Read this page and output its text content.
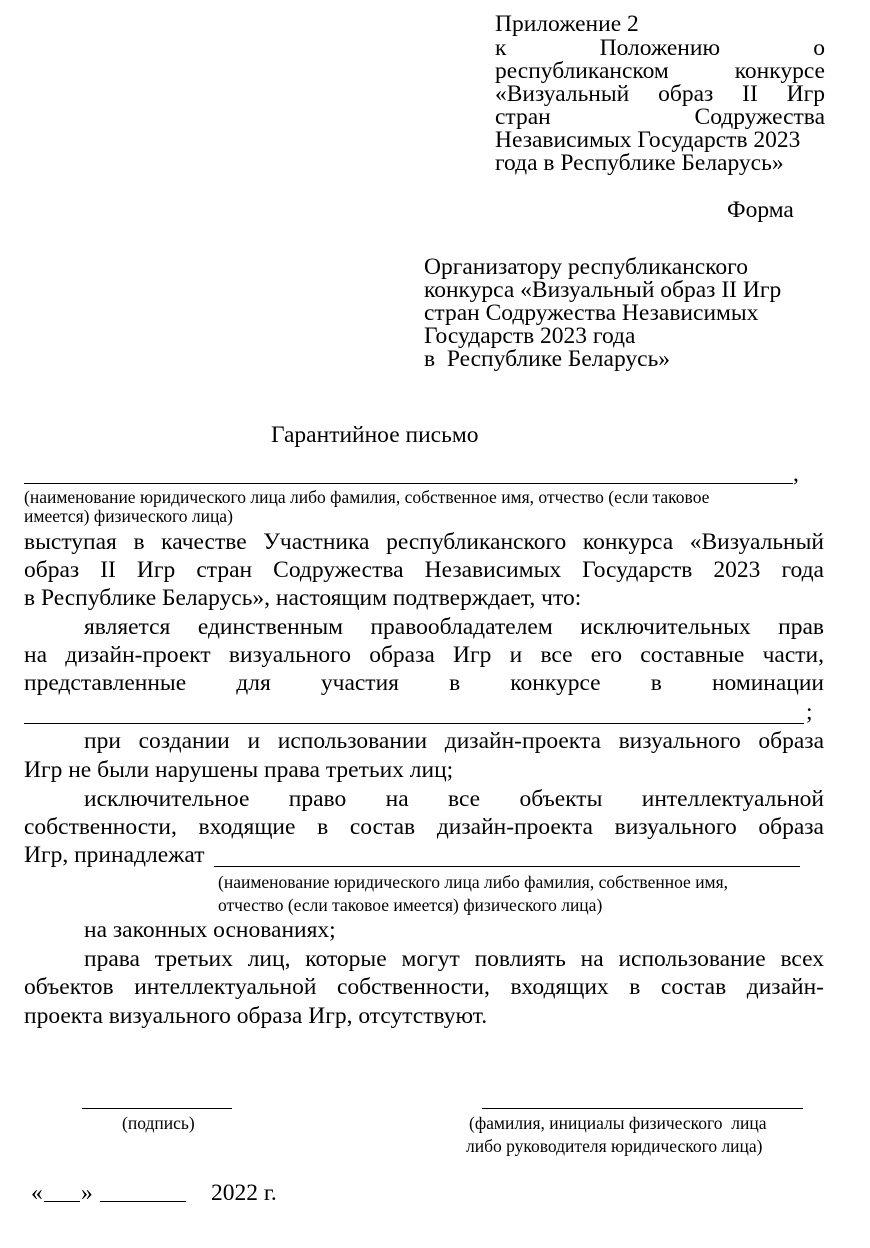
Приложение 2
к Положению о
республиканском конкурсе
«Визуальный образ II Игр
стран Содружества
Независимых Государств 2023
года в Республике Беларусь»
Форма
Организатору республиканского
конкурса «Визуальный образ II Игр
стран Содружества Независимых
Государств 2023 года
в  Республике Беларусь»
Гарантийное письмо
,
(наименование юридического лица либо фамилия, собственное имя, отчество (если таковое
имеется) физического лица)
выступая в качестве Участника республиканского конкурса «Визуальный
образ II Игр стран Содружества Независимых Государств 2023 года
в Республике Беларусь», настоящим подтверждает, что:
является единственным правообладателем исключительных прав
на дизайн-проект визуального образа Игр и все его составные части,
представленные для участия в конкурсе в номинации
;
при создании и использовании дизайн-проекта визуального образа
Игр не были нарушены права третьих лиц;
исключительное право на все объекты интеллектуальной
собственности, входящие в состав дизайн-проекта визуального образа
Игр, принадлежат
(наименование юридического лица либо фамилия, собственное имя,
отчество (если таковое имеется) физического лица)
на законных основаниях;
права третьих лиц, которые могут повлиять на использование всех
объектов интеллектуальной собственности, входящих в состав дизайн-
проекта визуального образа Игр, отсутствуют.
(подпись)	(фамилия, инициалы физического  лица
либо руководителя юридического лица)
« »	2022 г.
